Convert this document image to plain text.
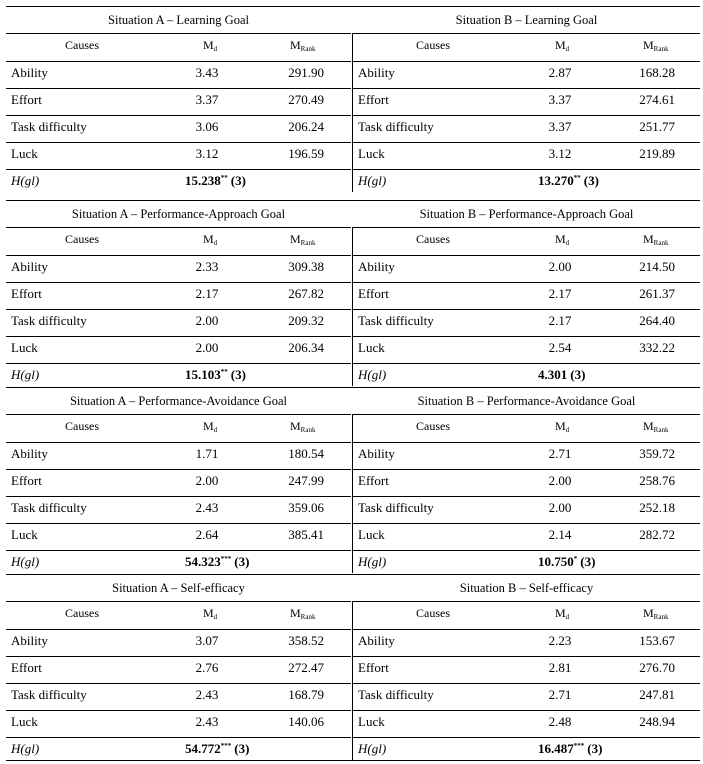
Situation A – Learning Goal
Causes	$M_d$	$M_{Rank}$
Ability	3.43	291.90
Effort	3.37	270.49
Task difficulty	3.06	206.24
Luck	3.12	196.59
H(gl)	15.238** (3)
Situation B – Learning Goal
Causes	$M_d$	$M_{Rank}$
Ability	2.87	168.28
Effort	3.37	274.61
Task difficulty	3.37	251.77
Luck	3.12	219.89
H(gl)	13.270** (3)
Situation A – Performance-Approach Goal
Causes	$M_d$	$M_{Rank}$
Ability	2.33	309.38
Effort	2.17	267.82
Task difficulty	2.00	209.32
Luck	2.00	206.34
H(gl)	15.103** (3)
Situation B – Performance-Approach Goal
Causes	$M_d$	$M_{Rank}$
Ability	2.00	214.50
Effort	2.17	261.37
Task difficulty	2.17	264.40
Luck	2.54	332.22
H(gl)	4.301 (3)
Situation A – Performance-Avoidance Goal
Causes	$M_d$	$M_{Rank}$
Ability	1.71	180.54
Effort	2.00	247.99
Task difficulty	2.43	359.06
Luck	2.64	385.41
H(gl)	54.323*** (3)
Situation B – Performance-Avoidance Goal
Causes	$M_d$	$M_{Rank}$
Ability	2.71	359.72
Effort	2.00	258.76
Task difficulty	2.00	252.18
Luck	2.14	282.72
H(gl)	10.750* (3)
Situation A – Self-efficacy
Causes	$M_d$	$M_{Rank}$
Ability	3.07	358.52
Effort	2.76	272.47
Task difficulty	2.43	168.79
Luck	2.43	140.06
H(gl)	54.772*** (3)
Situation B – Self-efficacy
Causes	$M_d$	$M_{Rank}$
Ability	2.23	153.67
Effort	2.81	276.70
Task difficulty	2.71	247.81
Luck	2.48	248.94
H(gl)	16.487*** (3)
